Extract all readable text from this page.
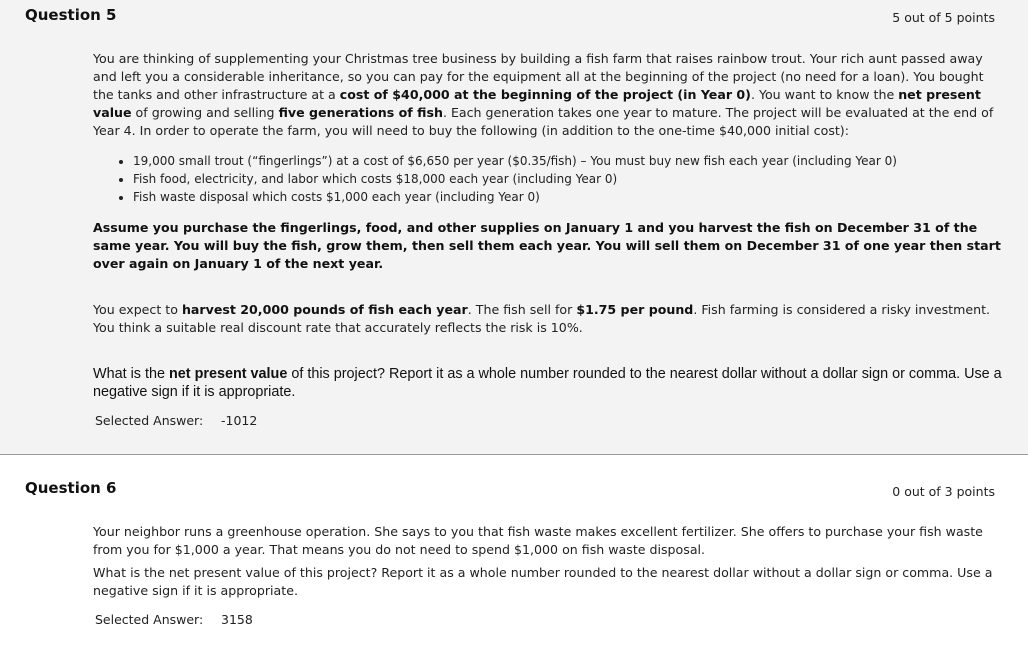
Question 5	5 out of 5 points
You are thinking of supplementing your Christmas tree business by building a fish farm that raises rainbow trout. Your rich aunt passed away and left you a considerable inheritance, so you can pay for the equipment all at the beginning of the project (no need for a loan). You bought the tanks and other infrastructure at a cost of $40,000 at the beginning of the project (in Year 0). You want to know the net present value of growing and selling five generations of fish. Each generation takes one year to mature. The project will be evaluated at the end of Year 4. In order to operate the farm, you will need to buy the following (in addition to the one-time $40,000 initial cost):
• 19,000 small trout (“fingerlings”) at a cost of $6,650 per year ($0.35/fish) – You must buy new fish each year (including Year 0)
• Fish food, electricity, and labor which costs $18,000 each year (including Year 0)
• Fish waste disposal which costs $1,000 each year (including Year 0)
Assume you purchase the fingerlings, food, and other supplies on January 1 and you harvest the fish on December 31 of the same year. You will buy the fish, grow them, then sell them each year. You will sell them on December 31 of one year then start over again on January 1 of the next year.
You expect to harvest 20,000 pounds of fish each year. The fish sell for $1.75 per pound. Fish farming is considered a risky investment. You think a suitable real discount rate that accurately reflects the risk is 10%.
What is the net present value of this project? Report it as a whole number rounded to the nearest dollar without a dollar sign or comma. Use a negative sign if it is appropriate.
Selected Answer: -1012
Question 6	0 out of 3 points
Your neighbor runs a greenhouse operation. She says to you that fish waste makes excellent fertilizer. She offers to purchase your fish waste from you for $1,000 a year. That means you do not need to spend $1,000 on fish waste disposal.
What is the net present value of this project? Report it as a whole number rounded to the nearest dollar without a dollar sign or comma. Use a negative sign if it is appropriate.
Selected Answer: 3158
